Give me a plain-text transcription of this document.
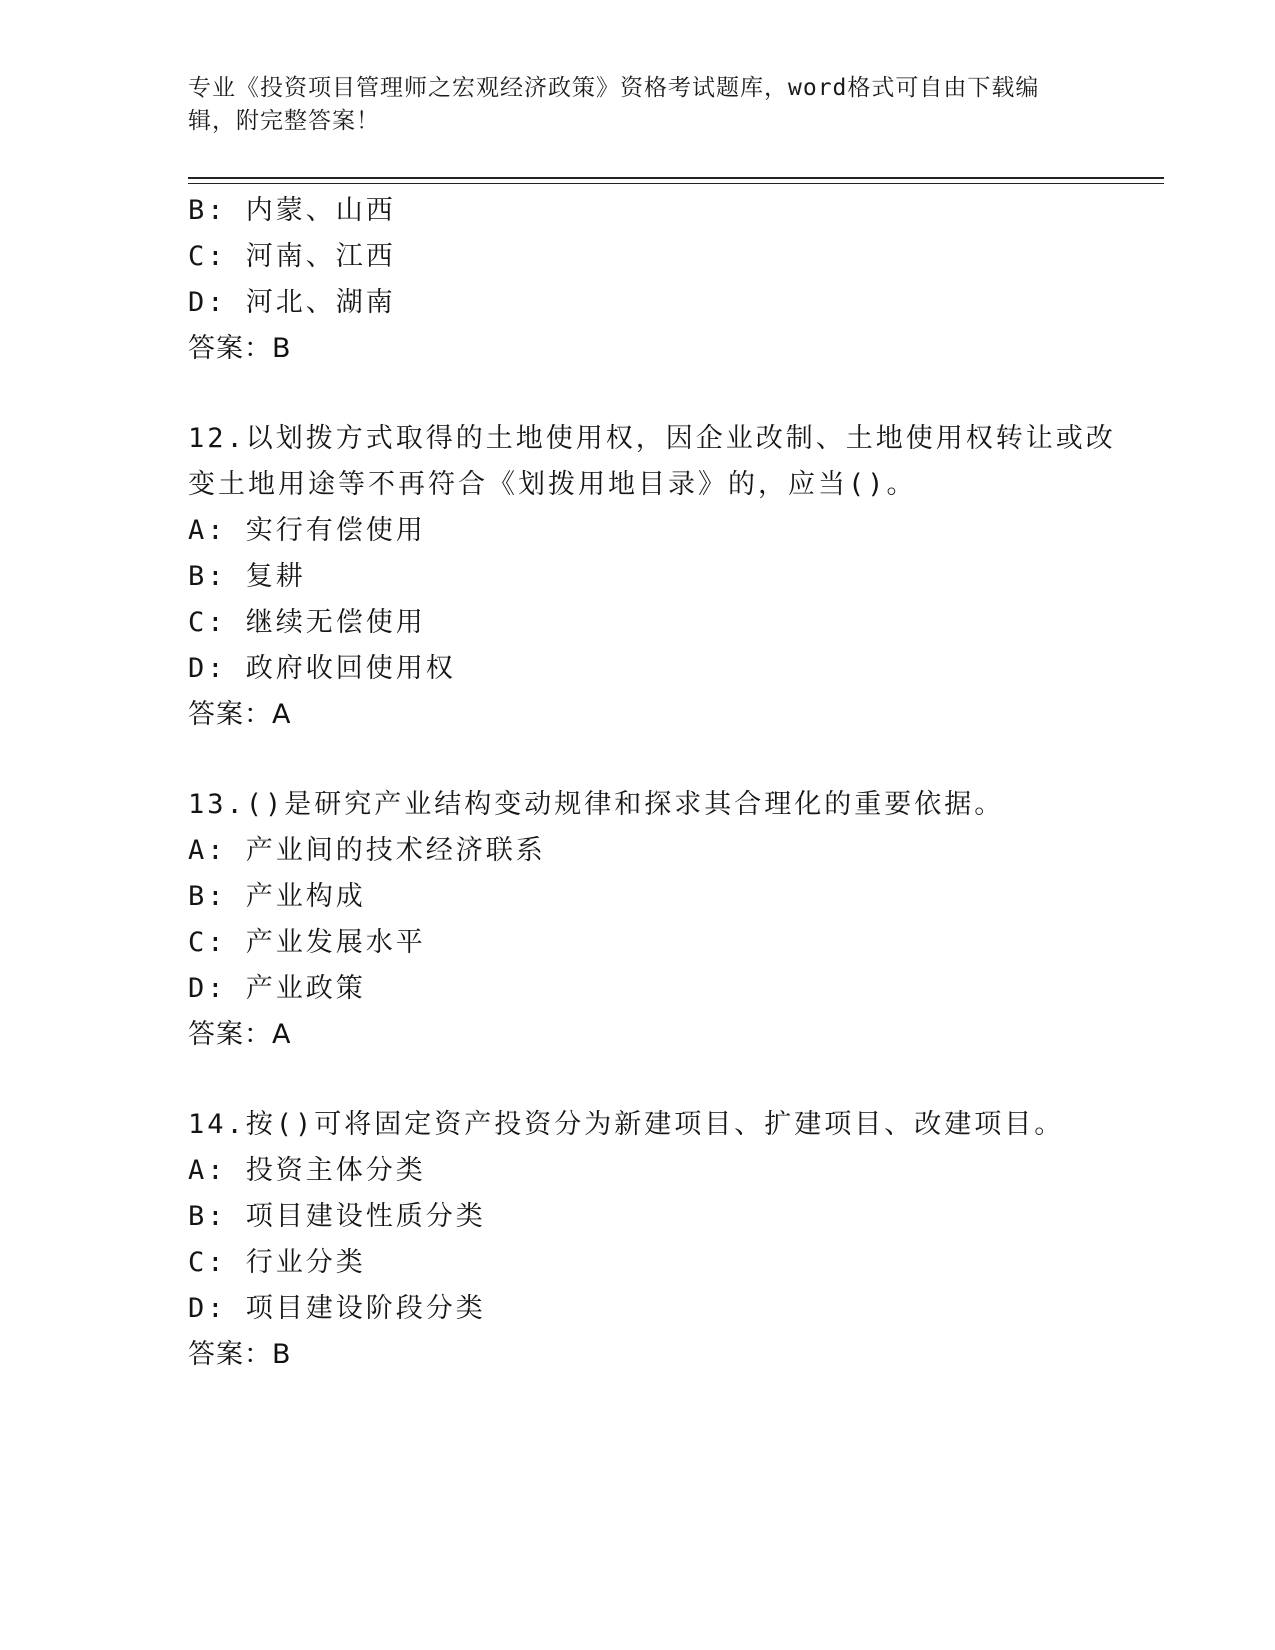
专业《投资项目管理师之宏观经济政策》资格考试题库，word格式可自由下载编
辑，附完整答案！
B: 内蒙、山西
C: 河南、江西
D: 河北、湖南
答案：B
12.以划拨方式取得的土地使用权，因企业改制、土地使用权转让或改
变土地用途等不再符合《划拨用地目录》的，应当()。
A: 实行有偿使用
B: 复耕
C: 继续无偿使用
D: 政府收回使用权
答案：A
13.()是研究产业结构变动规律和探求其合理化的重要依据。
A: 产业间的技术经济联系
B: 产业构成
C: 产业发展水平
D: 产业政策
答案：A
14.按()可将固定资产投资分为新建项目、扩建项目、改建项目。
A: 投资主体分类
B: 项目建设性质分类
C: 行业分类
D: 项目建设阶段分类
答案：B
